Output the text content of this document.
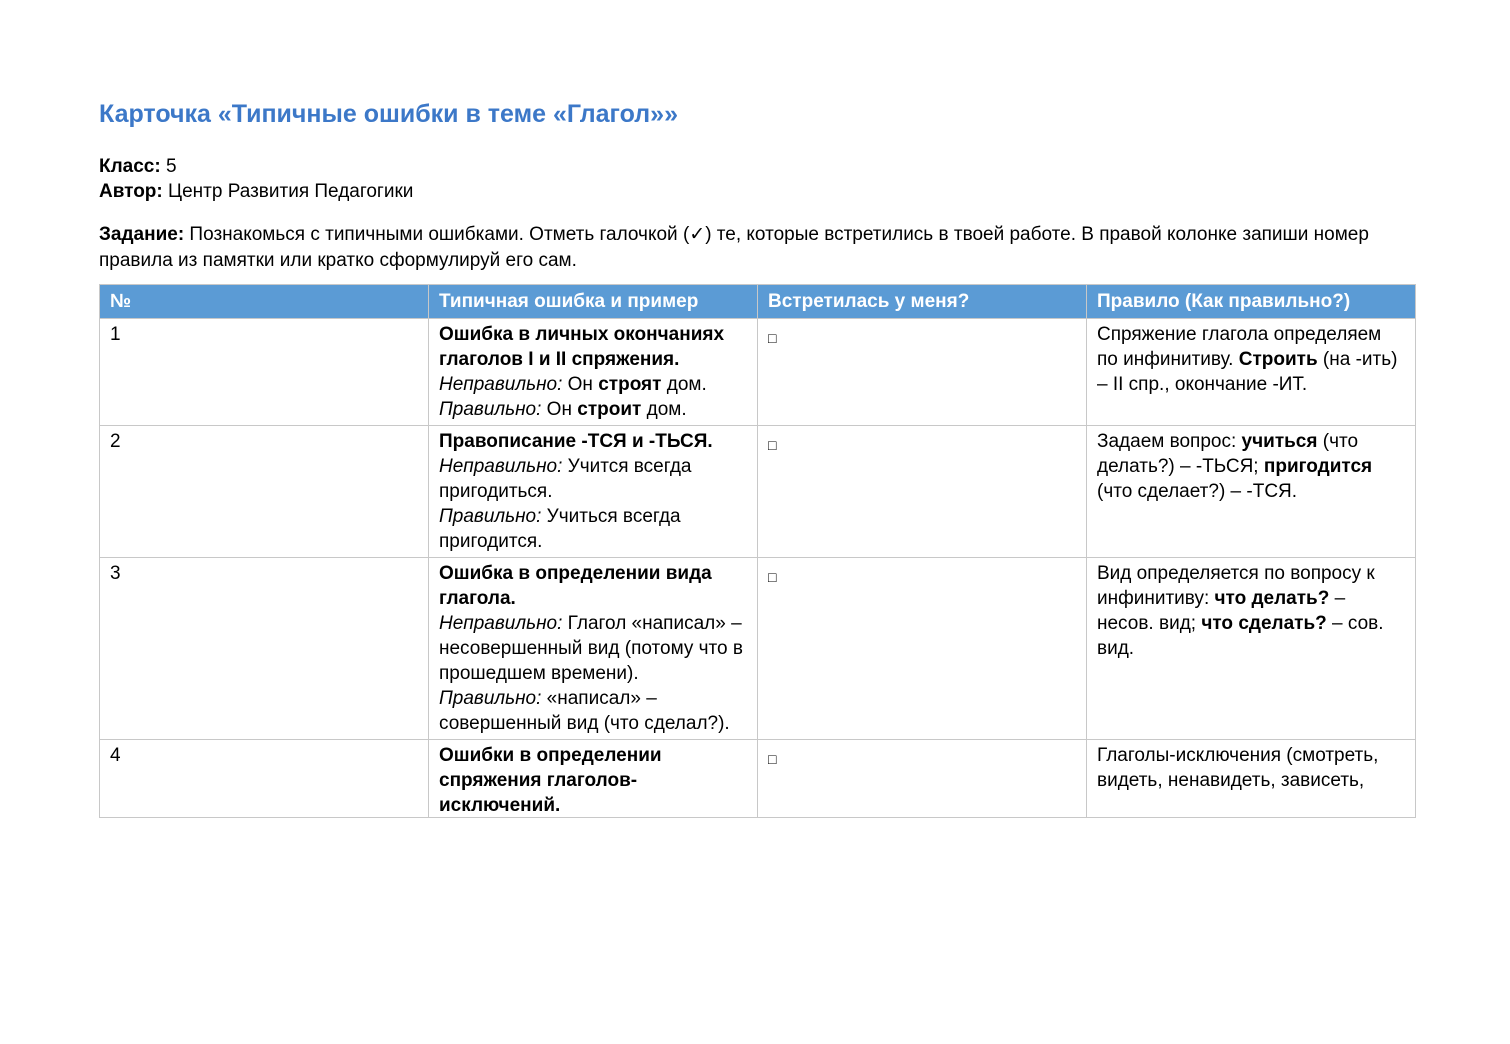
Карточка «Типичные ошибки в теме «Глагол»»
Класс: 5
Автор: Центр Развития Педагогики
Задание: Познакомься с типичными ошибками. Отметь галочкой (✓) те, которые встретились в твоей работе. В правой колонке запиши номер правила из памятки или кратко сформулируй его сам.
№	Типичная ошибка и пример	Встретилась у меня?	Правило (Как правильно?)
1	Ошибка в личных окончаниях глаголов I и II спряжения.
Неправильно: Он строят дом.
Правильно: Он строит дом.	□	Спряжение глагола определяем по инфинитиву. Строить (на -ить) – II спр., окончание -ИТ.
2	Правописание -ТСЯ и -ТЬСЯ.
Неправильно: Учится всегда пригодиться.
Правильно: Учиться всегда пригодится.	□	Задаем вопрос: учиться (что делать?) – -ТЬСЯ; пригодится (что сделает?) – -ТСЯ.
3	Ошибка в определении вида глагола.
Неправильно: Глагол «написал» – несовершенный вид (потому что в прошедшем времени).
Правильно: «написал» – совершенный вид (что сделал?).	□	Вид определяется по вопросу к инфинитиву: что делать? – несов. вид; что сделать? – сов. вид.

4	Ошибки в определении спряжения глаголов-исключений.	□	Глаголы-исключения (смотреть, видеть, ненавидеть, зависеть,
